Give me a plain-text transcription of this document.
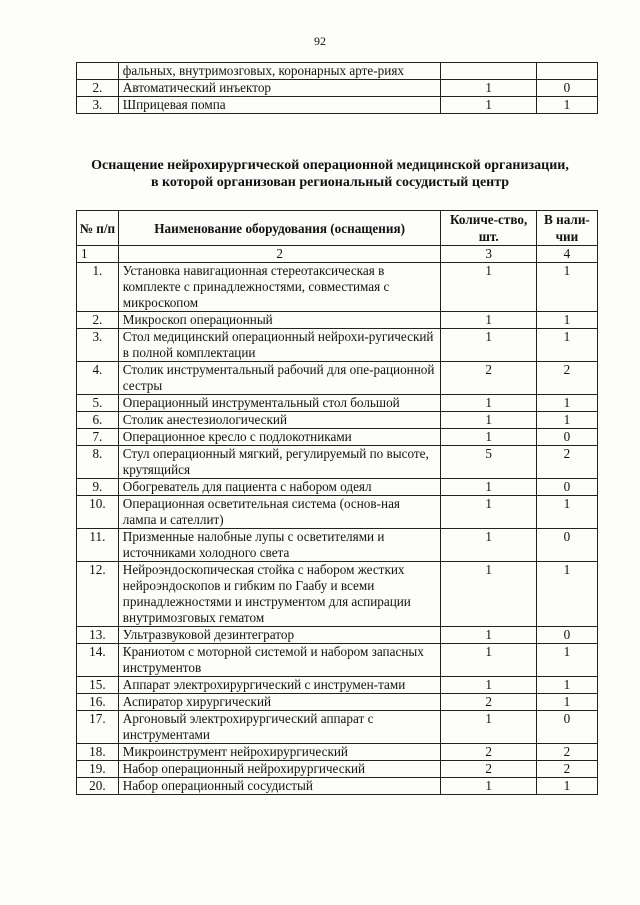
92
	фальных, внутримозговых, коронарных арте-риях		
2.	Автоматический инъектор	1	0
3.	Шприцевая помпа	1	1
Оснащение нейрохирургической операционной медицинской организации,
в которой организован региональный сосудистый центр
№ п/п	Наименование оборудования (оснащения)	Количе-ство, шт.	В нали-чии
1	2	3	4
1.	Установка навигационная стереотаксическая в комплекте с принадлежностями, совместимая с микроскопом	1	1
2.	Микроскоп операционный	1	1
3.	Стол медицинский операционный нейрохи-ругический в полной комплектации	1	1
4.	Столик инструментальный рабочий для опе-рационной сестры	2	2
5.	Операционный инструментальный стол большой	1	1
6.	Столик анестезиологический	1	1
7.	Операционное кресло с подлокотниками	1	0
8.	Стул операционный мягкий, регулируемый по высоте, крутящийся	5	2
9.	Обогреватель для пациента с набором одеял	1	0
10.	Операционная осветительная система (основ-ная лампа и сателлит)	1	1
11.	Призменные налобные лупы с осветителями и источниками холодного света	1	0
12.	Нейроэндоскопическая стойка с набором жестких нейроэндоскопов и гибким по Гаабу и всеми принадлежностями и инструментом для аспирации внутримозговых гематом	1	1
13.	Ультразвуковой дезинтегратор	1	0
14.	Краниотом с моторной системой и набором запасных инструментов	1	1
15.	Аппарат электрохирургический с инструмен-тами	1	1
16.	Аспиратор хирургический	2	1
17.	Аргоновый электрохирургический аппарат с инструментами	1	0
18.	Микроинструмент нейрохирургический	2	2
19.	Набор операционный нейрохирургический	2	2
20.	Набор операционный сосудистый	1	1
